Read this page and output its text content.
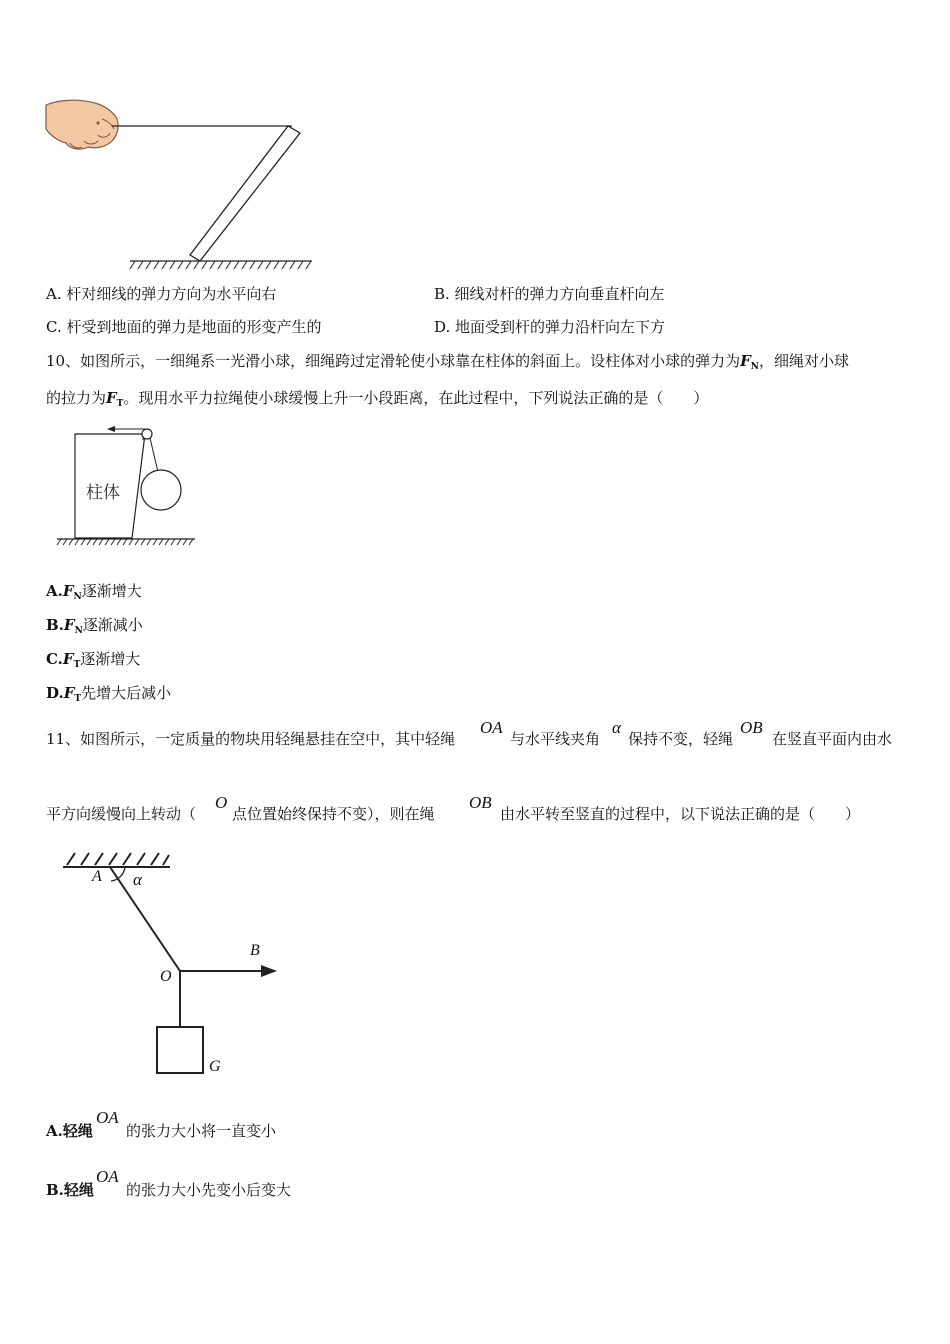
A. 杆对细线的弹力方向为水平向右	B. 细线对杆的弹力方向垂直杆向左
C. 杆受到地面的弹力是地面的形变产生的	D. 地面受到杆的弹力沿杆向左下方
10、如图所示，一细绳系一光滑小球，细绳跨过定滑轮使小球靠在柱体的斜面上。设柱体对小球的弹力为$F_N$，细绳对小球
的拉力为$F_T$。现用水平力拉绳使小球缓慢上升一小段距离，在此过程中，下列说法正确的是（　　）
柱体
$A.F_N$逐渐增大
$B.F_N$逐渐减小
$C.F_T$逐渐增大
$D.F_T$先增大后减小
11、如图所示，一定质量的物块用轻绳悬挂在空中，其中轻绳
OA
与水平线夹角
α
保持不变，轻绳
OB
在竖直平面内由水
平方向缓慢向上转动（
O
点位置始终保持不变），则在绳
OB
由水平转至竖直的过程中，以下说法正确的是（　　）
A α
O
B
G
A.轻绳
OA
的张力大小将一直变小
B.轻绳
OA
的张力大小先变小后变大
